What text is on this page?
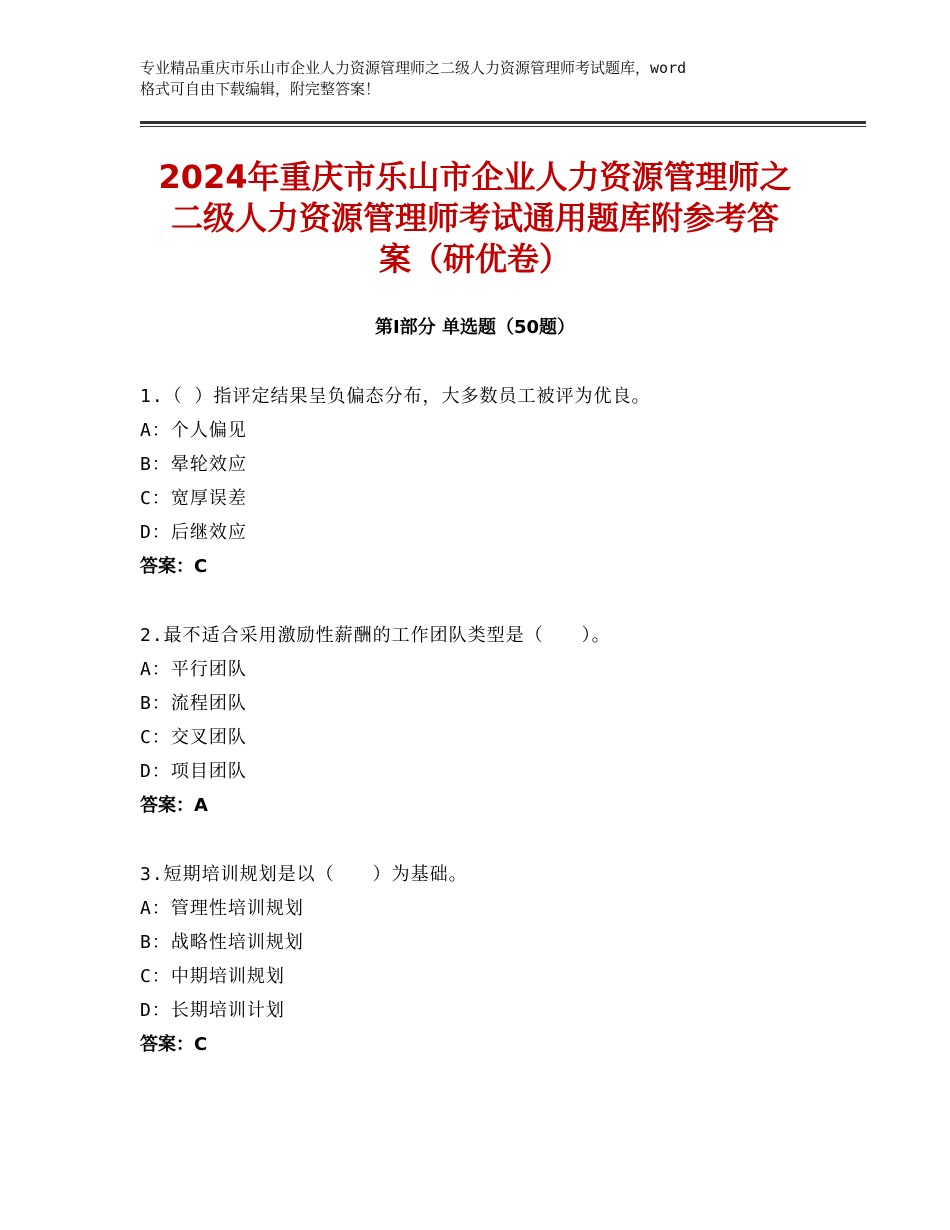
专业精品重庆市乐山市企业人力资源管理师之二级人力资源管理师考试题库，word
格式可自由下载编辑，附完整答案！
2024年重庆市乐山市企业人力资源管理师之
二级人力资源管理师考试通用题库附参考答
案（研优卷）
第Ⅰ部分 单选题（50题）
1.（ ）指评定结果呈负偏态分布，大多数员工被评为优良。
A：个人偏见
B：晕轮效应
C：宽厚误差
D：后继效应
答案：C
2.最不适合采用激励性薪酬的工作团队类型是（　　）。
A：平行团队
B：流程团队
C：交叉团队
D：项目团队
答案：A
3.短期培训规划是以（　　）为基础。
A：管理性培训规划
B：战略性培训规划
C：中期培训规划
D：长期培训计划
答案：C
